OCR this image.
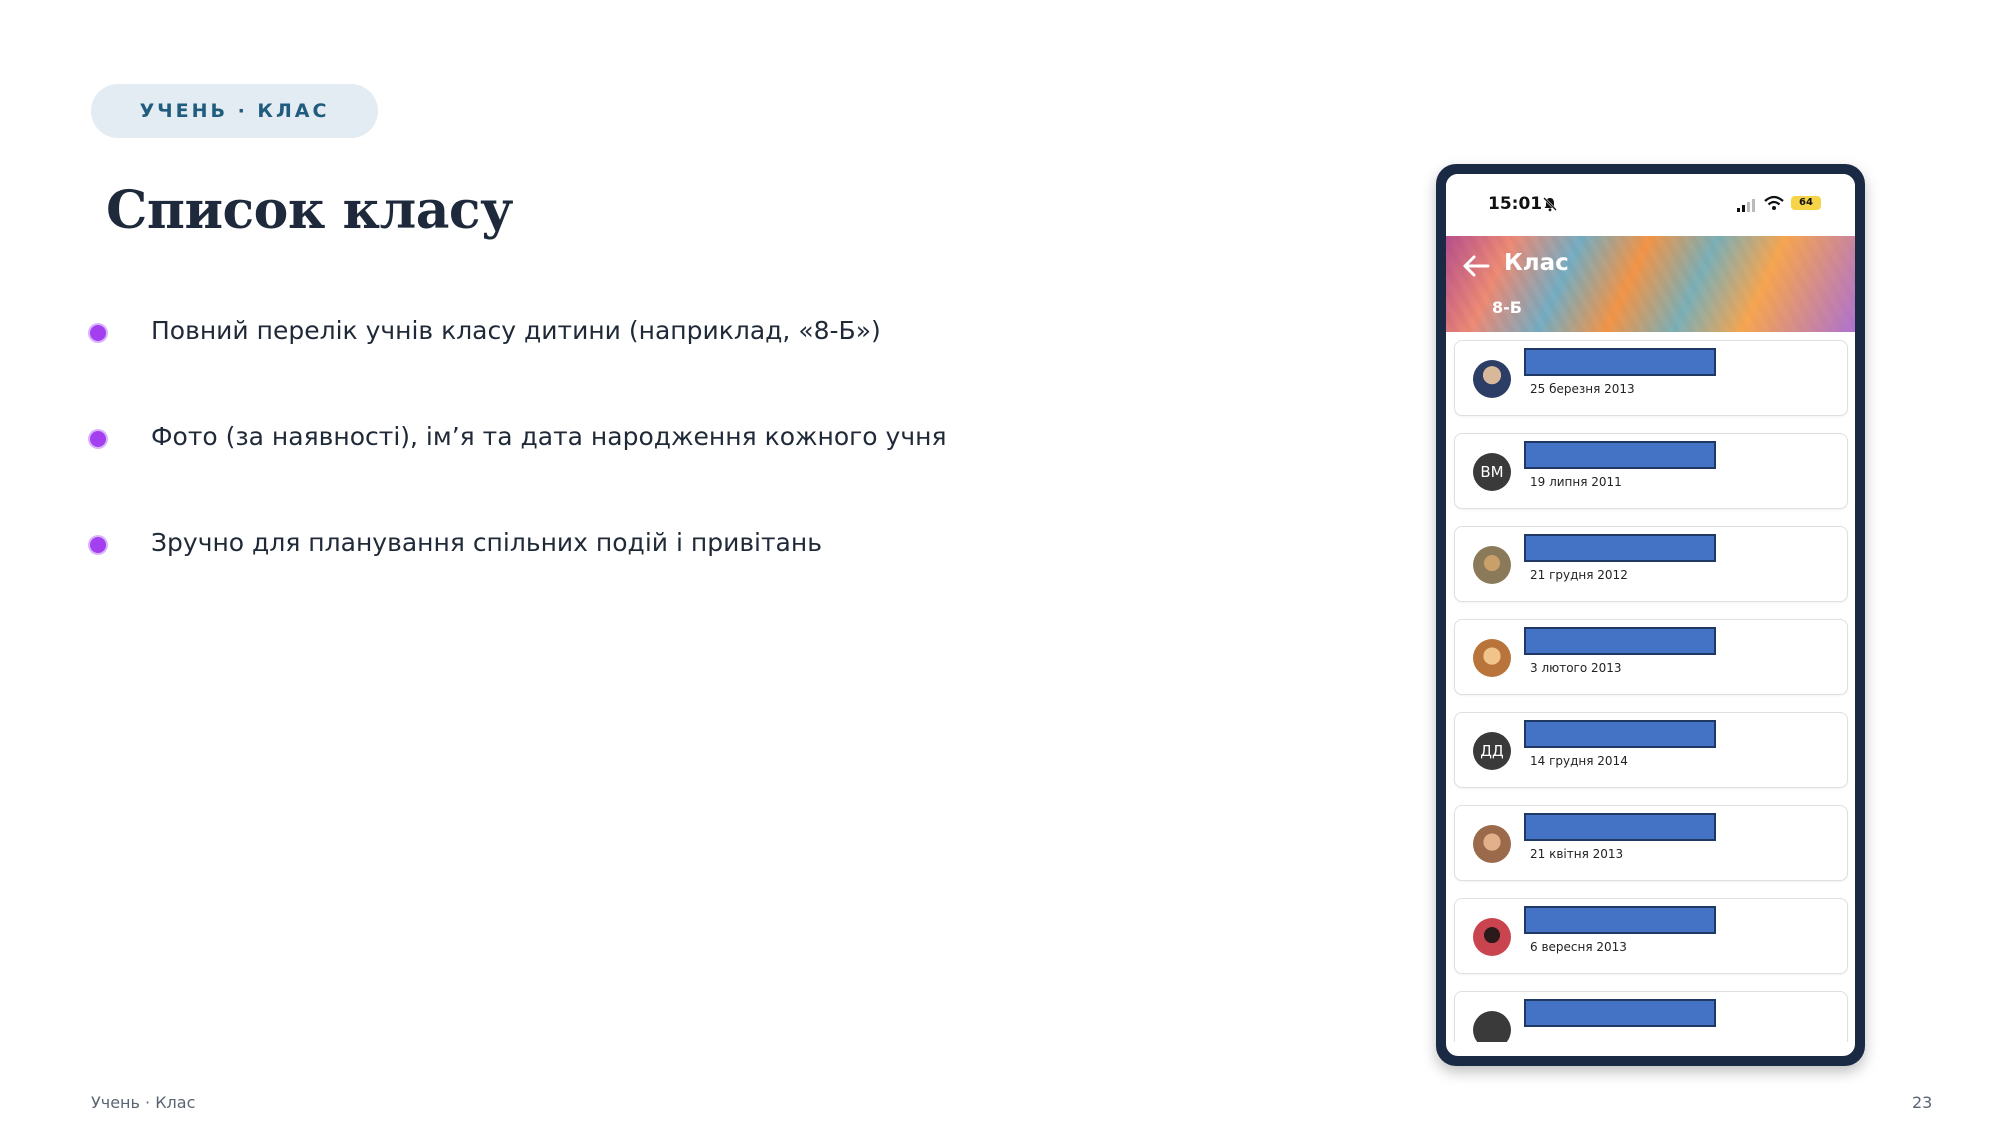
УЧЕНЬ · КЛАС
Список класу
Повний перелік учнів класу дитини (наприклад, «8-Б»)
Фото (за наявності), ім’я та дата народження кожного учня
Зручно для планування спільних подій і привітань
15:01	64
Клас
8-Б
25 березня 2013
ВМ
19 липня 2011
21 грудня 2012
3 лютого 2013
ДД
14 грудня 2014
21 квітня 2013
6 вересня 2013
Учень · Клас	23
